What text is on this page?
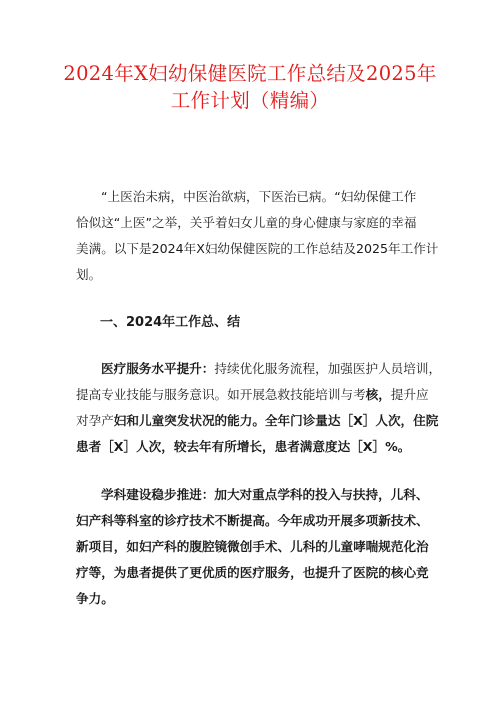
2024年X妇幼保健医院工作总结及2025年
工作计划（精编）

“上医治未病，中医治欲病，下医治已病。“妇幼保健工作
恰似这“上医”之举，关乎着妇女儿童的身心健康与家庭的幸福
美满。以下是2024年X妇幼保健医院的工作总结及2025年工作计
划。

一、2024年工作总、结

医疗服务水平提升：持续优化服务流程，加强医护人员培训，
提高专业技能与服务意识。如开展急救技能培训与考核，提升应
对孕产妇和儿童突发状况的能力。全年门诊量达［X］人次，住院
患者［X］人次，较去年有所增长，患者满意度达［X］%。

学科建设稳步推进：加大对重点学科的投入与扶持，儿科、
妇产科等科室的诊疗技术不断提高。今年成功开展多项新技术、
新项目，如妇产科的腹腔镜微创手术、儿科的儿童哮喘规范化治
疗等，为患者提供了更优质的医疗服务，也提升了医院的核心竞
争力。
